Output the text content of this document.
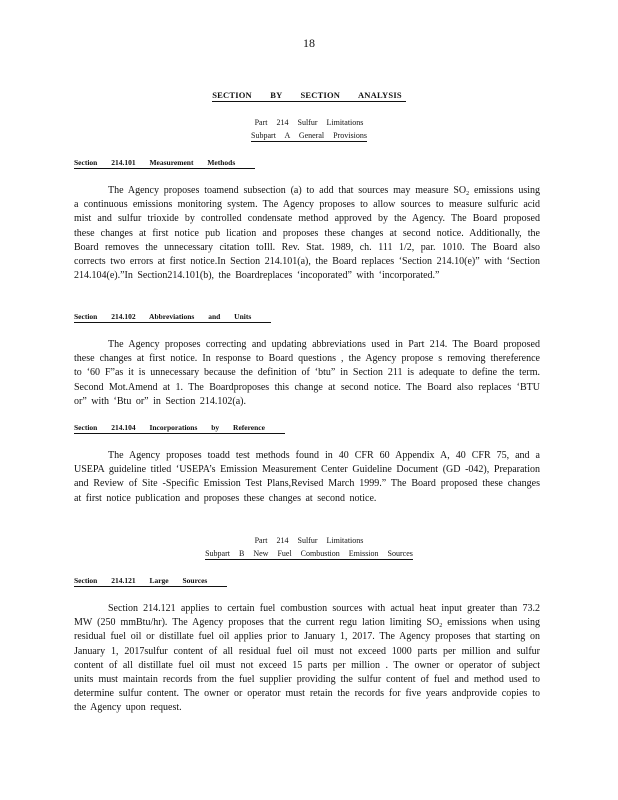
18
SECTION BY SECTION ANALYSIS
Part 214 Sulfur Limitations
Subpart A General Provisions
Section 214.101 Measurement Methods

The Agency proposes toamend subsection (a) to add that sources may measure $SO_2$ emissions using a continuous emissions monitoring system. The Agency proposes to allow sources to measure sulfuric acid mist and sulfur trioxide by controlled condensate method approved by the Agency. The Board proposed these changes at first notice pub lication and proposes these changes at second notice. Additionally, the Board removes the unnecessary citation toIll. Rev. Stat. 1989, ch. 111 1/2, par. 1010. The Board also corrects two errors at first notice.In Section 214.101(a), the Board replaces ‘Section 214.10(e)” with ‘Section 214.104(e).”In Section214.101(b), the Boardreplaces ‘incoporated” with ‘incorporated.”

Section 214.102 Abbreviations and Units

The Agency proposes correcting and updating abbreviations used in Part 214. The Board proposed these changes at first notice. In response to Board questions , the Agency propose s removing thereference to ‘60 F”as it is unnecessary because the definition of ‘btu” in Section 211 is adequate to define the term. Second Mot.Amend at 1. The Boardproposes this change at second notice. The Board also replaces ‘BTU or” with ‘Btu or” in Section 214.102(a).

Section 214.104 Incorporations by Reference

The Agency proposes toadd test methods found in 40 CFR 60 Appendix A, 40 CFR 75, and a USEPA guideline titled ‘USEPA’s Emission Measurement Center Guideline Document (GD -042), Preparation and Review of Site -Specific Emission Test Plans,Revised March 1999.” The Board proposed these changes at first notice publication and proposes these changes at second notice.

Part 214 Sulfur Limitations
Subpart B New Fuel Combustion Emission Sources
Section 214.121 Large Sources

Section 214.121 applies to certain fuel combustion sources with actual heat input greater than 73.2 MW (250 mmBtu/hr). The Agency proposes that the current regu lation limiting $SO_2$ emissions when using residual fuel oil or distillate fuel oil applies prior to January 1, 2017. The Agency proposes that starting on January 1, 2017sulfur content of all residual fuel oil must not exceed 1000 parts per million and sulfur content of all distillate fuel oil must not exceed 15 parts per million . The owner or operator of subject units must maintain records from the fuel supplier providing the sulfur content of fuel and method used to determine sulfur content. The owner or operator must retain the records for five years andprovide copies to the Agency upon request.
